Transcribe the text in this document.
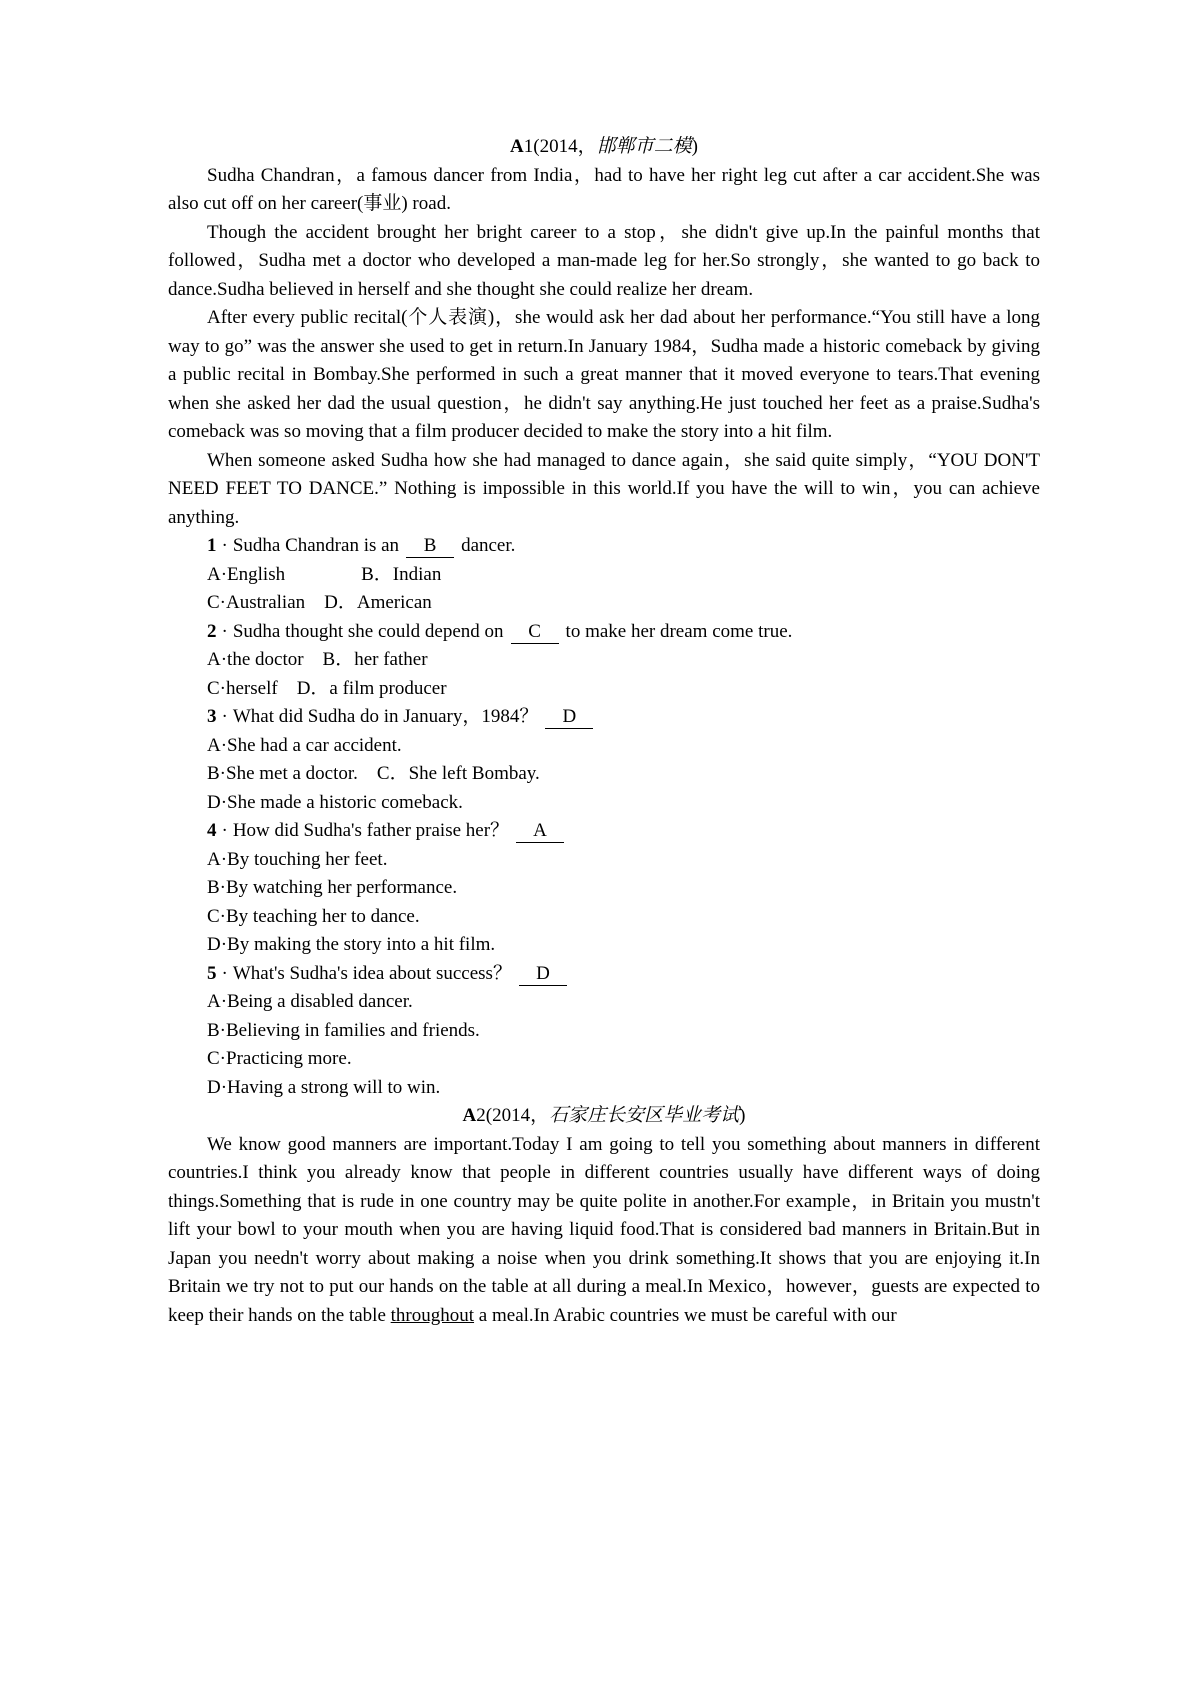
A1(2014，邯郸市二模)

Sudha Chandran，a famous dancer from India，had to have her right leg cut after a car accident.She was also cut off on her career(事业) road.

Though the accident brought her bright career to a stop，she didn't give up.In the painful months that followed，Sudha met a doctor who developed a man-made leg for her.So strongly，she wanted to go back to dance.Sudha believed in herself and she thought she could realize her dream.

After every public recital(个人表演)，she would ask her dad about her performance.“You still have a long way to go” was the answer she used to get in return.In January 1984，Sudha made a historic comeback by giving a public recital in Bombay.She performed in such a great manner that it moved everyone to tears.That evening when she asked her dad the usual question，he didn't say anything.He just touched her feet as a praise.Sudha's comeback was so moving that a film producer decided to make the story into a hit film.

When someone asked Sudha how she had managed to dance again，she said quite simply，“YOU DON'T NEED FEET TO DANCE.” Nothing is impossible in this world.If you have the will to win，you can achieve anything.

1 · Sudha Chandran is an B dancer.

A·English　　　　B．Indian

C·Australian　D．American

2 · Sudha thought she could depend on C to make her dream come true.

A·the doctor　B．her father

C·herself　D．a film producer

3 · What did Sudha do in January，1984？ D

A·She had a car accident.

B·She met a doctor.　C．She left Bombay.

D·She made a historic comeback.

4 · How did Sudha's father praise her？ A

A·By touching her feet.

B·By watching her performance.

C·By teaching her to dance.

D·By making the story into a hit film.

5 · What's Sudha's idea about success？ D

A·Being a disabled dancer.

B·Believing in families and friends.

C·Practicing more.

D·Having a strong will to win.

A2(2014，石家庄长安区毕业考试)

We know good manners are important.Today I am going to tell you something about manners in different countries.I think you already know that people in different countries usually have different ways of doing things.Something that is rude in one country may be quite polite in another.For example，in Britain you mustn't lift your bowl to your mouth when you are having liquid food.That is considered bad manners in Britain.But in Japan you needn't worry about making a noise when you drink something.It shows that you are enjoying it.In Britain we try not to put our hands on the table at all during a meal.In Mexico，however，guests are expected to keep their hands on the table throughout a meal.In Arabic countries we must be careful with our
